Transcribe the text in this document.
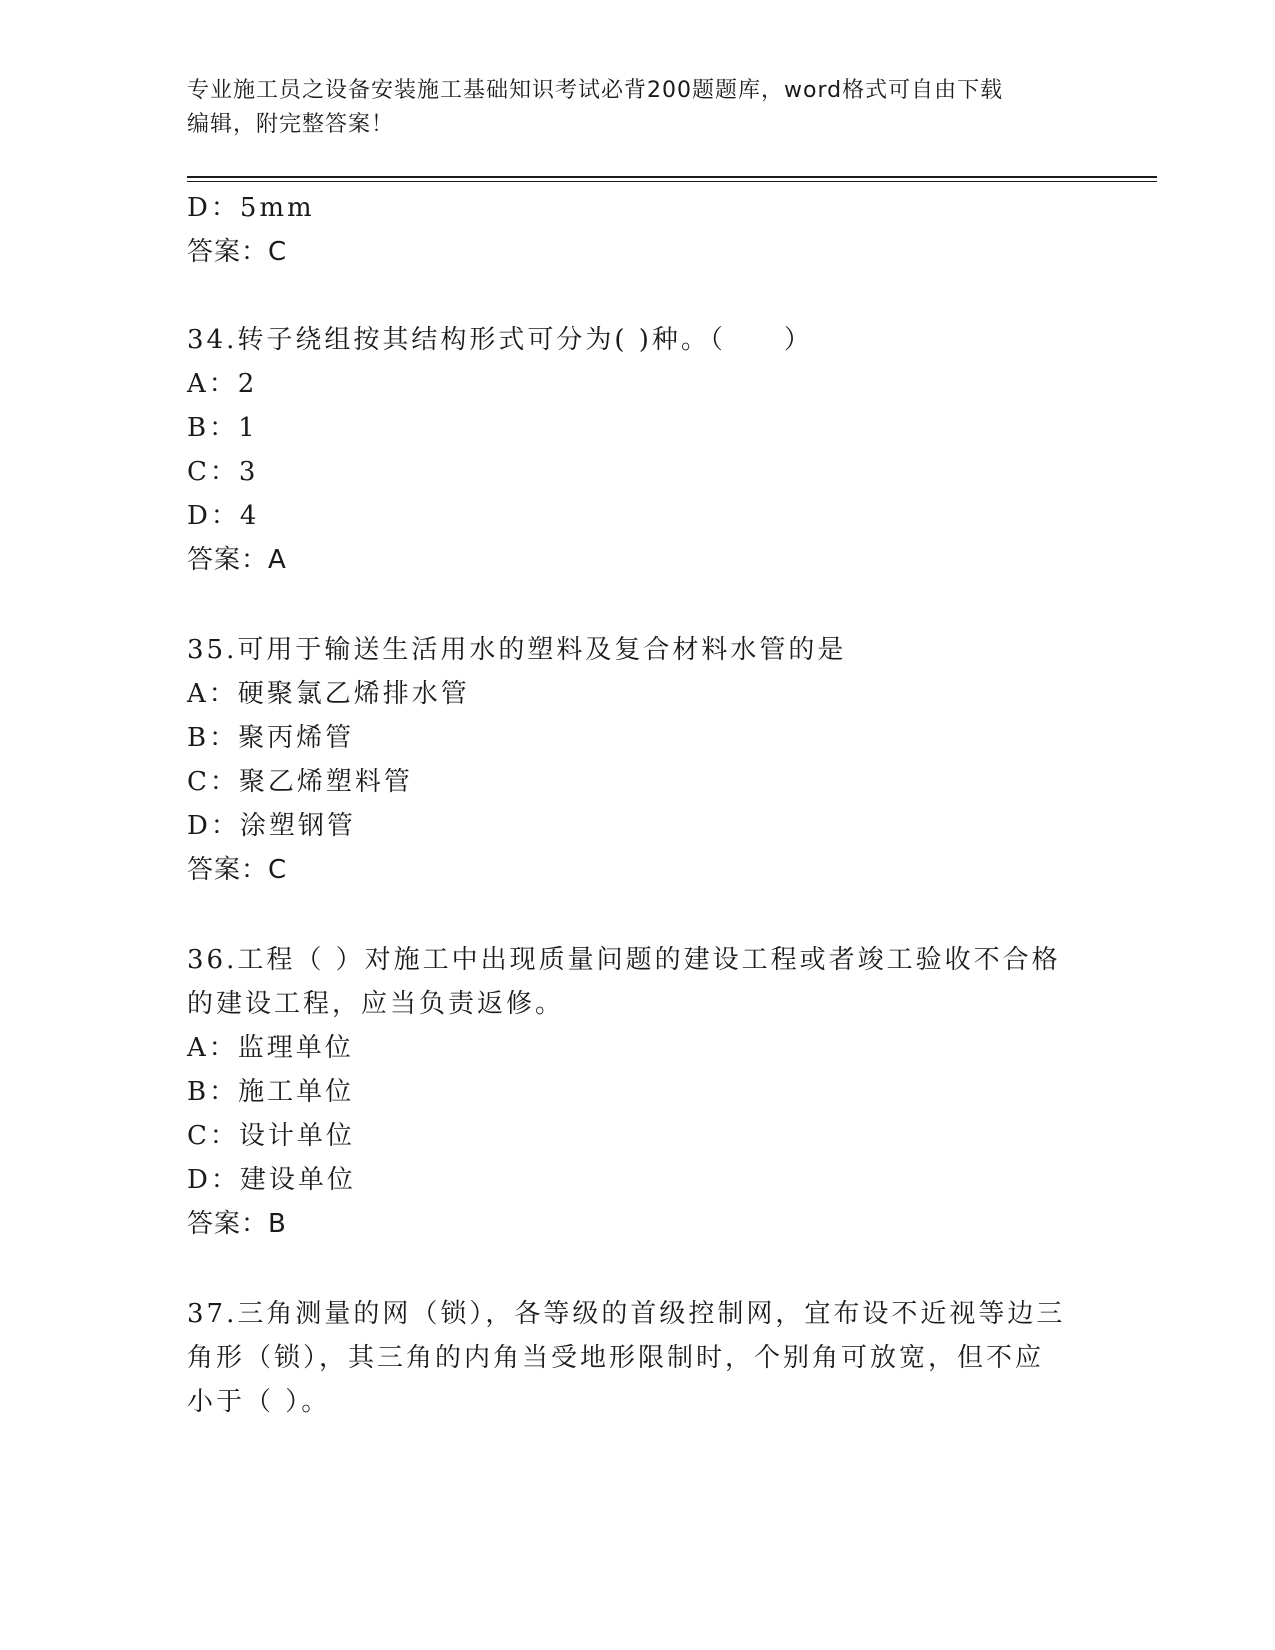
专业施工员之设备安装施工基础知识考试必背200题题库，word格式可自由下载
编辑，附完整答案！
D：5mm
答案：C
34.转子绕组按其结构形式可分为( )种。（　　）
A：2
B：1
C：3
D：4
答案：A
35.可用于输送生活用水的塑料及复合材料水管的是
A：硬聚氯乙烯排水管
B：聚丙烯管
C：聚乙烯塑料管
D：涂塑钢管
答案：C
36.工程（ ）对施工中出现质量问题的建设工程或者竣工验收不合格
的建设工程，应当负责返修。
A：监理单位
B：施工单位
C：设计单位
D：建设单位
答案：B
37.三角测量的网（锁），各等级的首级控制网，宜布设不近视等边三
角形（锁），其三角的内角当受地形限制时，个别角可放宽，但不应
小于（ ）。
